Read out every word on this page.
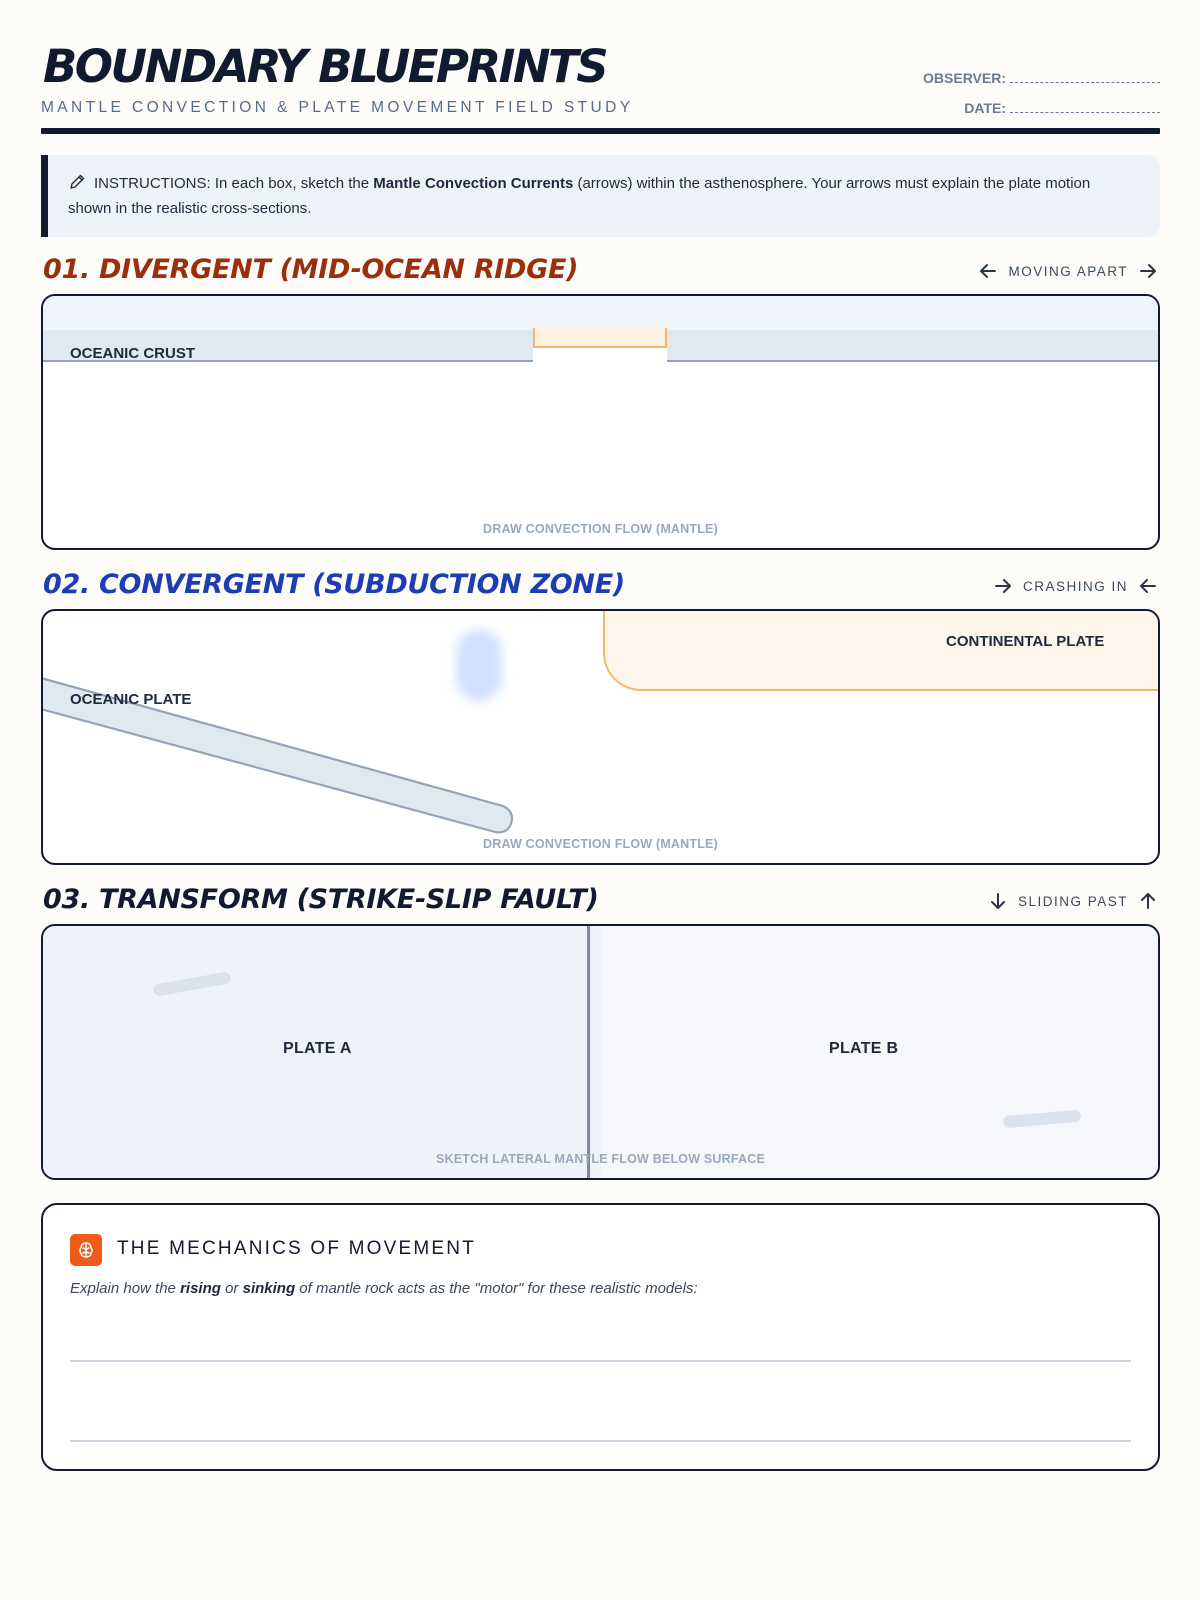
BOUNDARY BLUEPRINTS
MANTLE CONVECTION & PLATE MOVEMENT FIELD STUDY
OBSERVER:
DATE:
INSTRUCTIONS: In each box, sketch the Mantle Convection Currents (arrows) within the asthenosphere. Your arrows must explain the plate motion shown in the realistic cross-sections.
01. DIVERGENT (MID-OCEAN RIDGE)	MOVING APART
OCEANIC CRUST
DRAW CONVECTION FLOW (MANTLE)
02. CONVERGENT (SUBDUCTION ZONE)	CRASHING IN
CONTINENTAL PLATE
OCEANIC PLATE
DRAW CONVECTION FLOW (MANTLE)
03. TRANSFORM (STRIKE-SLIP FAULT)	SLIDING PAST
PLATE A	PLATE B
SKETCH LATERAL MANTLE FLOW BELOW SURFACE
THE MECHANICS OF MOVEMENT
Explain how the rising or sinking of mantle rock acts as the "motor" for these realistic models:
